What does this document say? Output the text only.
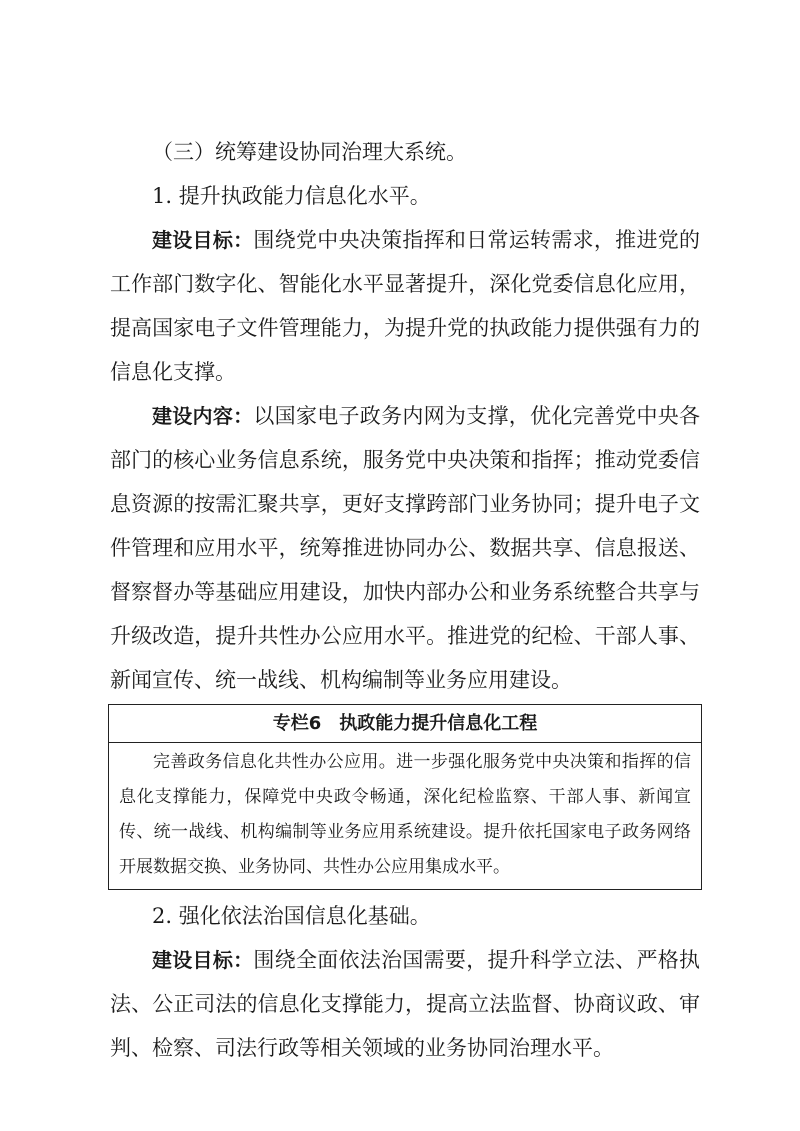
（三）统筹建设协同治理大系统。

1. 提升执政能力信息化水平。

建设目标：围绕党中央决策指挥和日常运转需求，推进党的工作部门数字化、智能化水平显著提升，深化党委信息化应用，提高国家电子文件管理能力，为提升党的执政能力提供强有力的信息化支撑。

建设内容：以国家电子政务内网为支撑，优化完善党中央各部门的核心业务信息系统，服务党中央决策和指挥；推动党委信息资源的按需汇聚共享，更好支撑跨部门业务协同；提升电子文件管理和应用水平，统筹推进协同办公、数据共享、信息报送、督察督办等基础应用建设，加快内部办公和业务系统整合共享与升级改造，提升共性办公应用水平。推进党的纪检、干部人事、新闻宣传、统一战线、机构编制等业务应用建设。

专栏6　执政能力提升信息化工程

完善政务信息化共性办公应用。进一步强化服务党中央决策和指挥的信息化支撑能力，保障党中央政令畅通，深化纪检监察、干部人事、新闻宣传、统一战线、机构编制等业务应用系统建设。提升依托国家电子政务网络开展数据交换、业务协同、共性办公应用集成水平。

2. 强化依法治国信息化基础。

建设目标：围绕全面依法治国需要，提升科学立法、严格执法、公正司法的信息化支撑能力，提高立法监督、协商议政、审判、检察、司法行政等相关领域的业务协同治理水平。
